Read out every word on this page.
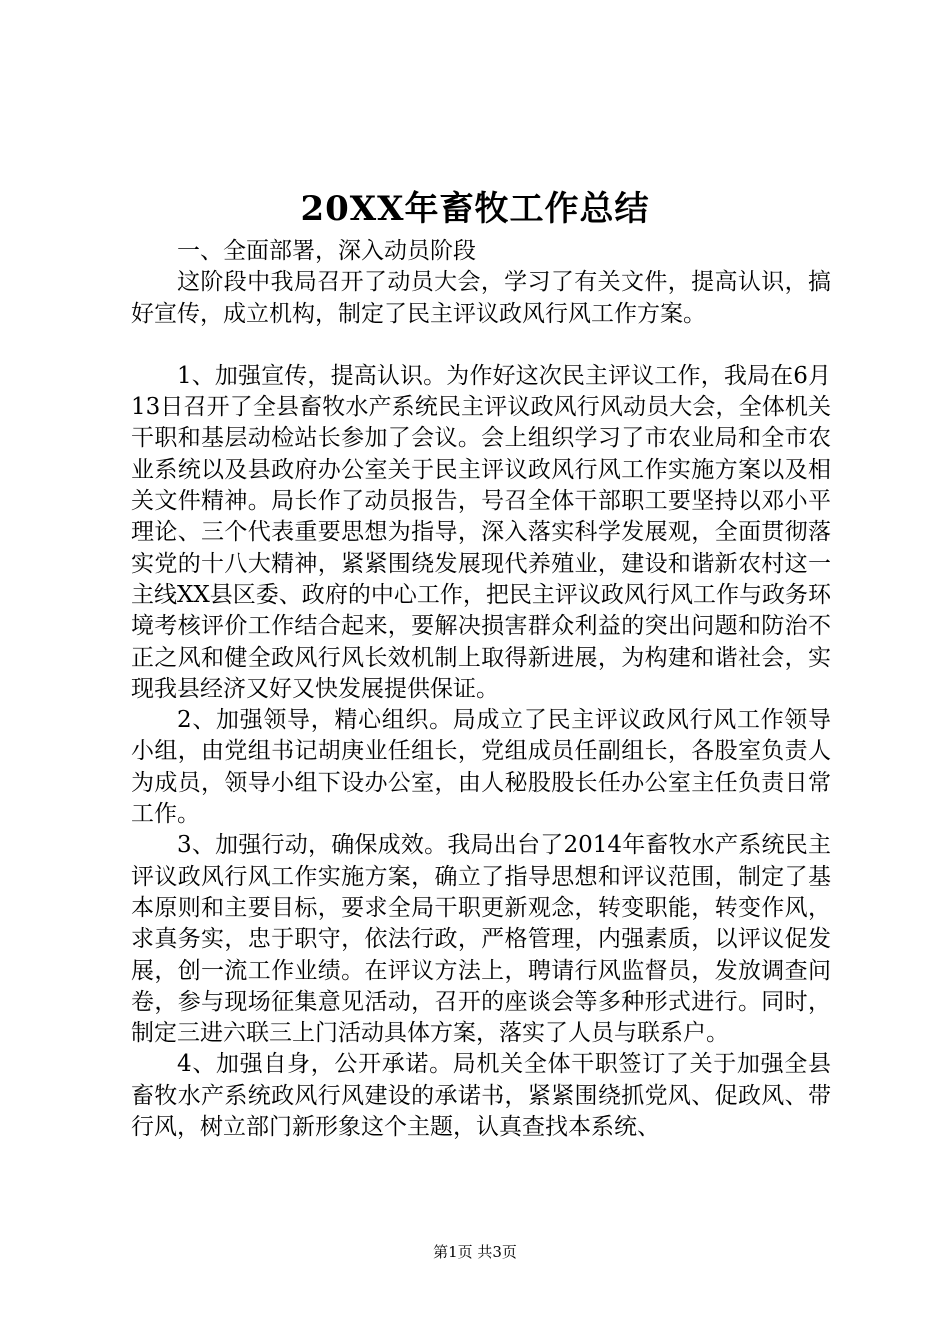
20XX年畜牧工作总结

一、全面部署，深入动员阶段

这阶段中我局召开了动员大会，学习了有关文件，提高认识，搞好宣传，成立机构，制定了民主评议政风行风工作方案。

1、加强宣传，提高认识。为作好这次民主评议工作，我局在6月13日召开了全县畜牧水产系统民主评议政风行风动员大会，全体机关干职和基层动检站长参加了会议。会上组织学习了市农业局和全市农业系统以及县政府办公室关于民主评议政风行风工作实施方案以及相关文件精神。局长作了动员报告，号召全体干部职工要坚持以邓小平理论、三个代表重要思想为指导，深入落实科学发展观，全面贯彻落实党的十八大精神，紧紧围绕发展现代养殖业，建设和谐新农村这一主线XX县区委、政府的中心工作，把民主评议政风行风工作与政务环境考核评价工作结合起来，要解决损害群众利益的突出问题和防治不正之风和健全政风行风长效机制上取得新进展，为构建和谐社会，实现我县经济又好又快发展提供保证。

2、加强领导，精心组织。局成立了民主评议政风行风工作领导小组，由党组书记胡庚业任组长，党组成员任副组长，各股室负责人为成员，领导小组下设办公室，由人秘股股长任办公室主任负责日常工作。

3、加强行动，确保成效。我局出台了2014年畜牧水产系统民主评议政风行风工作实施方案，确立了指导思想和评议范围，制定了基本原则和主要目标，要求全局干职更新观念，转变职能，转变作风，求真务实，忠于职守，依法行政，严格管理，内强素质，以评议促发展，创一流工作业绩。在评议方法上，聘请行风监督员，发放调查问卷，参与现场征集意见活动，召开的座谈会等多种形式进行。同时，制定三进六联三上门活动具体方案，落实了人员与联系户。

4、加强自身，公开承诺。局机关全体干职签订了关于加强全县畜牧水产系统政风行风建设的承诺书，紧紧围绕抓党风、促政风、带行风，树立部门新形象这个主题，认真查找本系统、

第1页 共3页
